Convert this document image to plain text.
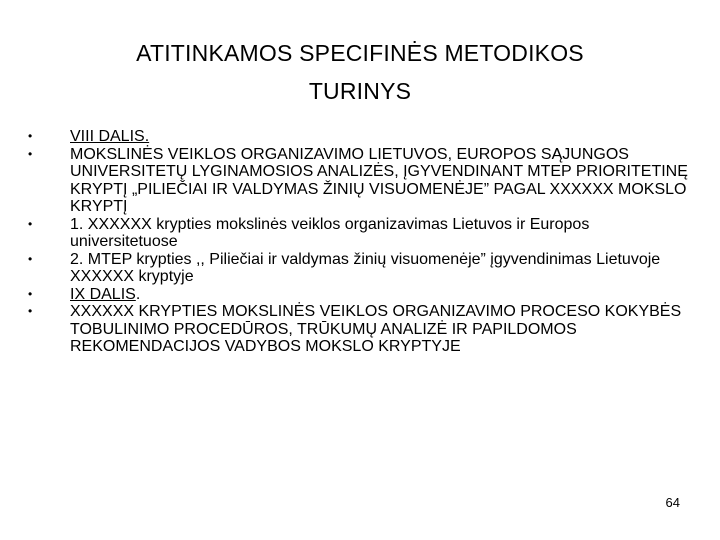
ATITINKAMOS SPECIFINĖS METODIKOS
TURINYS
•	VIII DALIS.
•	MOKSLINĖS VEIKLOS ORGANIZAVIMO LIETUVOS, EUROPOS SĄJUNGOS UNIVERSITETŲ LYGINAMOSIOS ANALIZĖS, ĮGYVENDINANT MTEP PRIORITETINĘ KRYPTĮ „PILIEČIAI IR VALDYMAS ŽINIŲ VISUOMENĖJE” PAGAL XXXXXX MOKSLO KRYPTĮ
•	1. XXXXXX krypties mokslinės veiklos organizavimas Lietuvos ir Europos universitetuose
•	2. MTEP krypties ,, Piliečiai ir valdymas žinių visuomenėje” įgyvendinimas Lietuvoje XXXXXX kryptyje
•	IX DALIS.
•	XXXXXX KRYPTIES MOKSLINĖS VEIKLOS ORGANIZAVIMO PROCESO KOKYBĖS TOBULINIMO PROCEDŪROS, TRŪKUMŲ ANALIZĖ IR PAPILDOMOS REKOMENDACIJOS VADYBOS MOKSLO KRYPTYJE
64
